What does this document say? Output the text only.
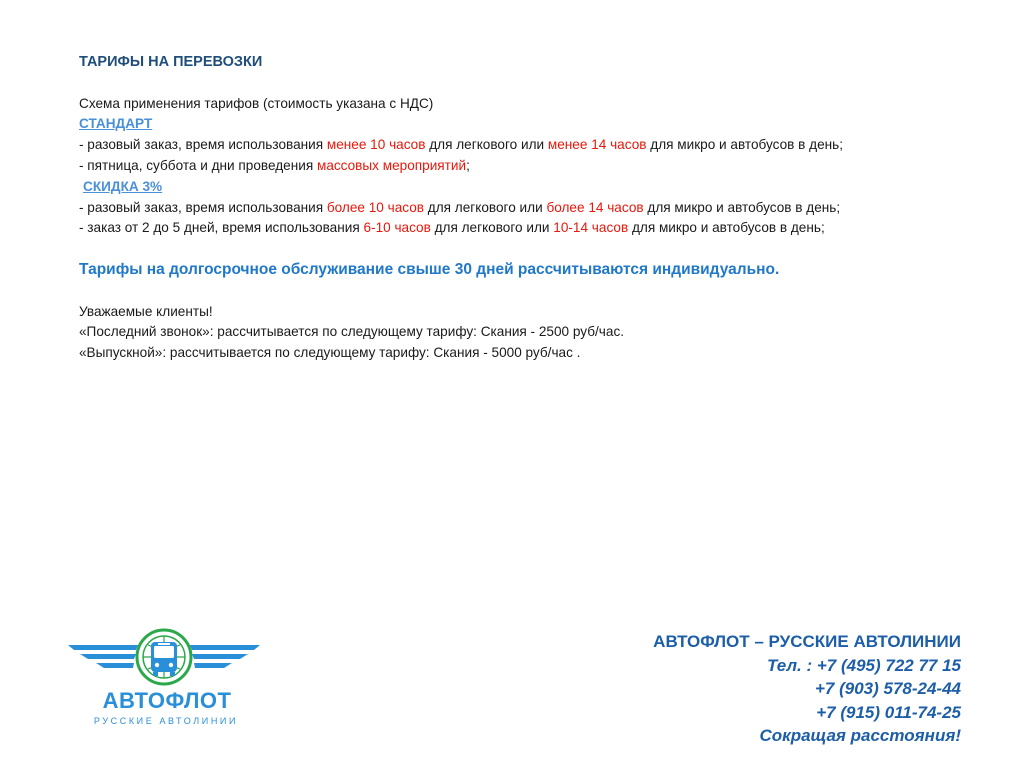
ТАРИФЫ НА ПЕРЕВОЗКИ
Схема применения тарифов (стоимость указана с НДС)
СТАНДАРТ
- разовый заказ, время использования менее 10 часов для легкового или менее 14 часов для микро и автобусов в день;
- пятница, суббота и дни проведения массовых мероприятий;
СКИДКА 3%
- разовый заказ, время использования более 10 часов для легкового или более 14 часов для микро и автобусов в день;
- заказ от 2 до 5 дней, время использования 6-10 часов для легкового или 10-14 часов для микро и автобусов в день;
Тарифы на долгосрочное обслуживание свыше 30 дней рассчитываются индивидуально.
Уважаемые клиенты!
«Последний звонок»: рассчитывается по следующему тарифу: Скания - 2500 руб/час.
«Выпускной»: рассчитывается по следующему тарифу: Скания - 5000 руб/час .
АВТОФЛОТ
РУССКИЕ АВТОЛИНИИ
АВТОФЛОТ – РУССКИЕ АВТОЛИНИИ
Тел. : +7 (495) 722 77 15
+7 (903) 578-24-44
+7 (915) 011-74-25
Сокращая расстояния!
